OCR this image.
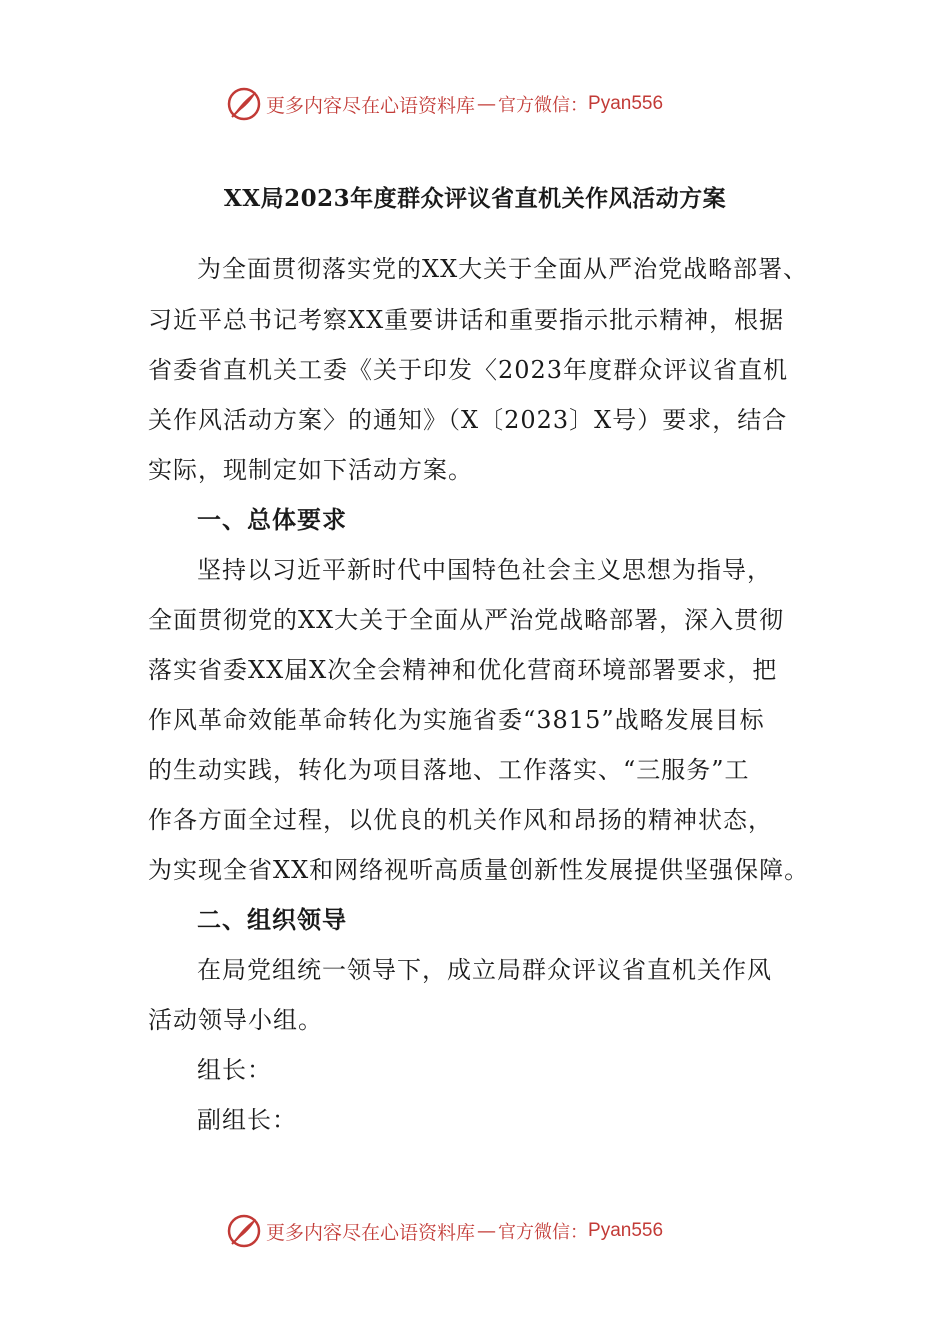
更多内容尽在心语资料库 — 官方微信： Pyan556
XX局2023年度群众评议省直机关作风活动方案
为全面贯彻落实党的XX大关于全面从严治党战略部署、
习近平总书记考察XX重要讲话和重要指示批示精神，根据
省委省直机关工委《关于印发〈2023年度群众评议省直机
关作风活动方案〉的通知》（X〔2023〕X号）要求，结合
实际，现制定如下活动方案。
一、总体要求
坚持以习近平新时代中国特色社会主义思想为指导，
全面贯彻党的XX大关于全面从严治党战略部署，深入贯彻
落实省委XX届X次全会精神和优化营商环境部署要求，把
作风革命效能革命转化为实施省委“3815”战略发展目标
的生动实践，转化为项目落地、工作落实、“三服务”工
作各方面全过程，以优良的机关作风和昂扬的精神状态，
为实现全省XX和网络视听高质量创新性发展提供坚强保障。
二、组织领导
在局党组统一领导下，成立局群众评议省直机关作风
活动领导小组。
组长：
副组长：
更多内容尽在心语资料库 — 官方微信： Pyan556
